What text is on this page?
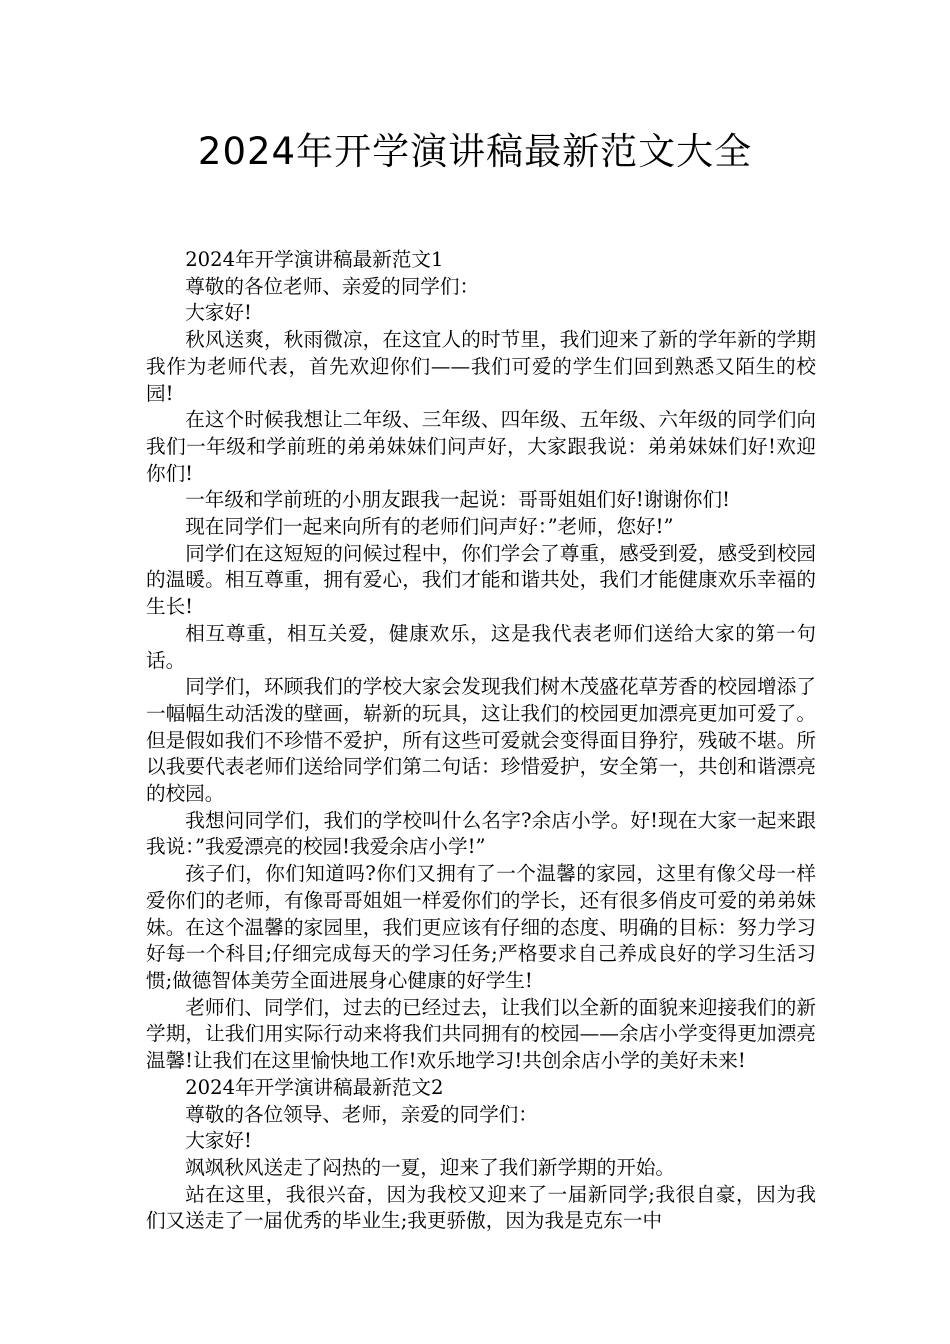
2024年开学演讲稿最新范文大全

2024年开学演讲稿最新范文1

尊敬的各位老师、亲爱的同学们：

大家好!

秋风送爽，秋雨微凉，在这宜人的时节里，我们迎来了新的学年新的学期我作为老师代表，首先欢迎你们——我们可爱的学生们回到熟悉又陌生的校园!

在这个时候我想让二年级、三年级、四年级、五年级、六年级的同学们向我们一年级和学前班的弟弟妹妹们问声好，大家跟我说：弟弟妹妹们好!欢迎你们!

一年级和学前班的小朋友跟我一起说：哥哥姐姐们好!谢谢你们!

现在同学们一起来向所有的老师们问声好：”老师，您好!”

同学们在这短短的问候过程中，你们学会了尊重，感受到爱，感受到校园的温暖。相互尊重，拥有爱心，我们才能和谐共处，我们才能健康欢乐幸福的生长!

相互尊重，相互关爱，健康欢乐，这是我代表老师们送给大家的第一句话。

同学们，环顾我们的学校大家会发现我们树木茂盛花草芳香的校园增添了一幅幅生动活泼的壁画，崭新的玩具，这让我们的校园更加漂亮更加可爱了。但是假如我们不珍惜不爱护，所有这些可爱就会变得面目狰狞，残破不堪。所以我要代表老师们送给同学们第二句话：珍惜爱护，安全第一，共创和谐漂亮的校园。

我想问同学们，我们的学校叫什么名字?余店小学。好!现在大家一起来跟我说：”我爱漂亮的校园!我爱余店小学!”

孩子们，你们知道吗?你们又拥有了一个温馨的家园，这里有像父母一样爱你们的老师，有像哥哥姐姐一样爱你们的学长，还有很多俏皮可爱的弟弟妹妹。在这个温馨的家园里，我们更应该有仔细的态度、明确的目标：努力学习好每一个科目;仔细完成每天的学习任务;严格要求自己养成良好的学习生活习惯;做德智体美劳全面进展身心健康的好学生!

老师们、同学们，过去的已经过去，让我们以全新的面貌来迎接我们的新学期，让我们用实际行动来将我们共同拥有的校园——余店小学变得更加漂亮温馨!让我们在这里愉快地工作!欢乐地学习!共创余店小学的美好未来!

2024年开学演讲稿最新范文2

尊敬的各位领导、老师，亲爱的同学们：

大家好!

飒飒秋风送走了闷热的一夏，迎来了我们新学期的开始。

站在这里，我很兴奋，因为我校又迎来了一届新同学;我很自豪，因为我们又送走了一届优秀的毕业生;我更骄傲，因为我是克东一中
